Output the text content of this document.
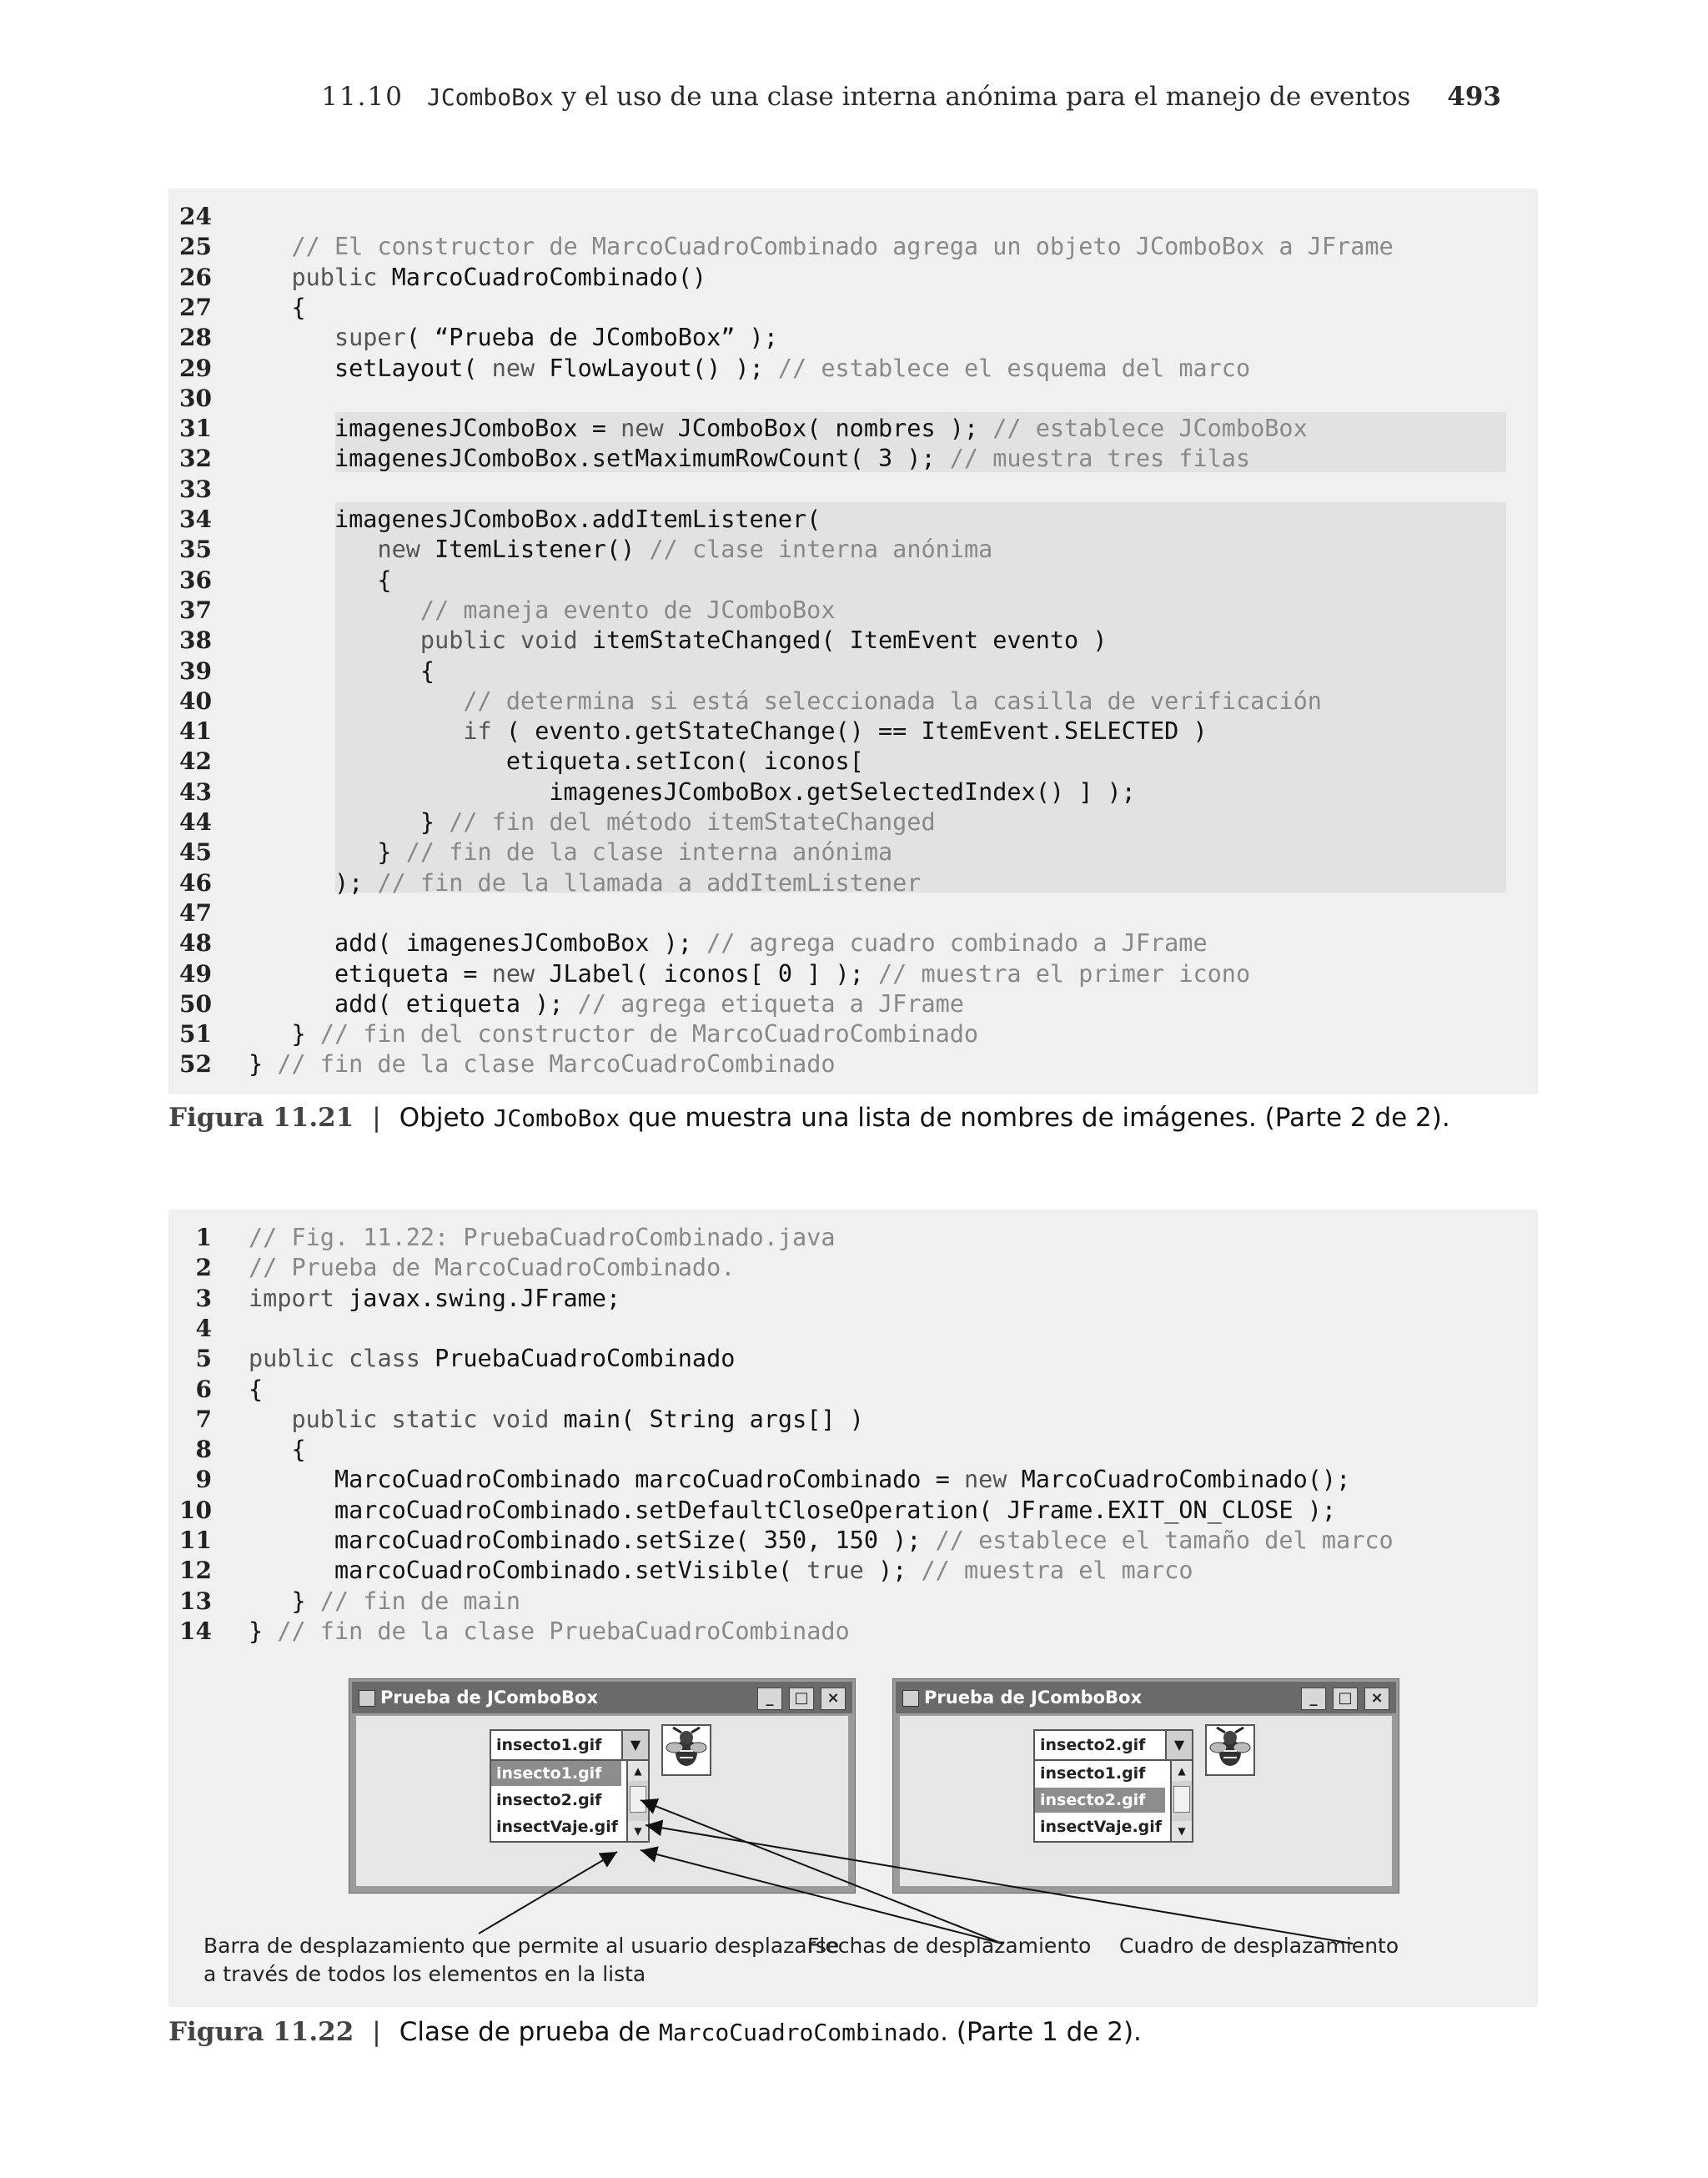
11.10 JComboBox y el uso de una clase interna anónima para el manejo de eventos 493
24
25	// El constructor de MarcoCuadroCombinado agrega un objeto JComboBox a JFrame
26	public MarcoCuadroCombinado()
27 {
28	super( “Prueba de JComboBox” );
29 setLayout( new FlowLayout() ); // establece el esquema del marco
30
31 imagenesJComboBox = new JComboBox( nombres ); // establece JComboBox
32 imagenesJComboBox.setMaximumRowCount( 3 ); // muestra tres filas
33
34 imagenesJComboBox.addItemListener(
35	new ItemListener() // clase interna anónima
36 {
37	// maneja evento de JComboBox
38	public void itemStateChanged( ItemEvent evento )
39 {
40	// determina si está seleccionada la casilla de verificación
41	if ( evento.getStateChange() == ItemEvent.SELECTED )
42 etiqueta.setIcon( iconos[
43 imagenesJComboBox.getSelectedIndex() ] );
44 } // fin del método itemStateChanged
45 } // fin de la clase interna anónima
46 ); // fin de la llamada a addItemListener
47
48 add( imagenesJComboBox ); // agrega cuadro combinado a JFrame
49 etiqueta = new JLabel( iconos[ 0 ] ); // muestra el primer icono
50 add( etiqueta ); // agrega etiqueta a JFrame
51 } // fin del constructor de MarcoCuadroCombinado
52 } // fin de la clase MarcoCuadroCombinado
Figura 11.21 | Objeto JComboBox que muestra una lista de nombres de imágenes. (Parte 2 de 2).
1 // Fig. 11.22: PruebaCuadroCombinado.java
2 // Prueba de MarcoCuadroCombinado.
3 import javax.swing.JFrame;
4
5 public class PruebaCuadroCombinado
6 {
7	public static void main( String args[] )
8 {
9 MarcoCuadroCombinado marcoCuadroCombinado = new MarcoCuadroCombinado();
10 marcoCuadroCombinado.setDefaultCloseOperation( JFrame.EXIT_ON_CLOSE );
11 marcoCuadroCombinado.setSize( 350, 150 ); // establece el tamaño del marco
12 marcoCuadroCombinado.setVisible( true ); // muestra el marco
13 } // fin de main
14 } // fin de la clase PruebaCuadroCombinado
Prueba de JComboBox	_	□	×
insecto1.gif	▼
insecto1.gif
insecto2.gif
insectVaje.gif
▲
▼
Prueba de JComboBox	_	□	×
insecto2.gif	▼
insecto1.gif
insecto2.gif
insectVaje.gif
▲
▼
Barra de desplazamiento que permite al usuario desplazarse
a través de todos los elementos en la lista
Flechas de desplazamiento Cuadro de desplazamiento
Figura 11.22 | Clase de prueba de MarcoCuadroCombinado. (Parte 1 de 2).
